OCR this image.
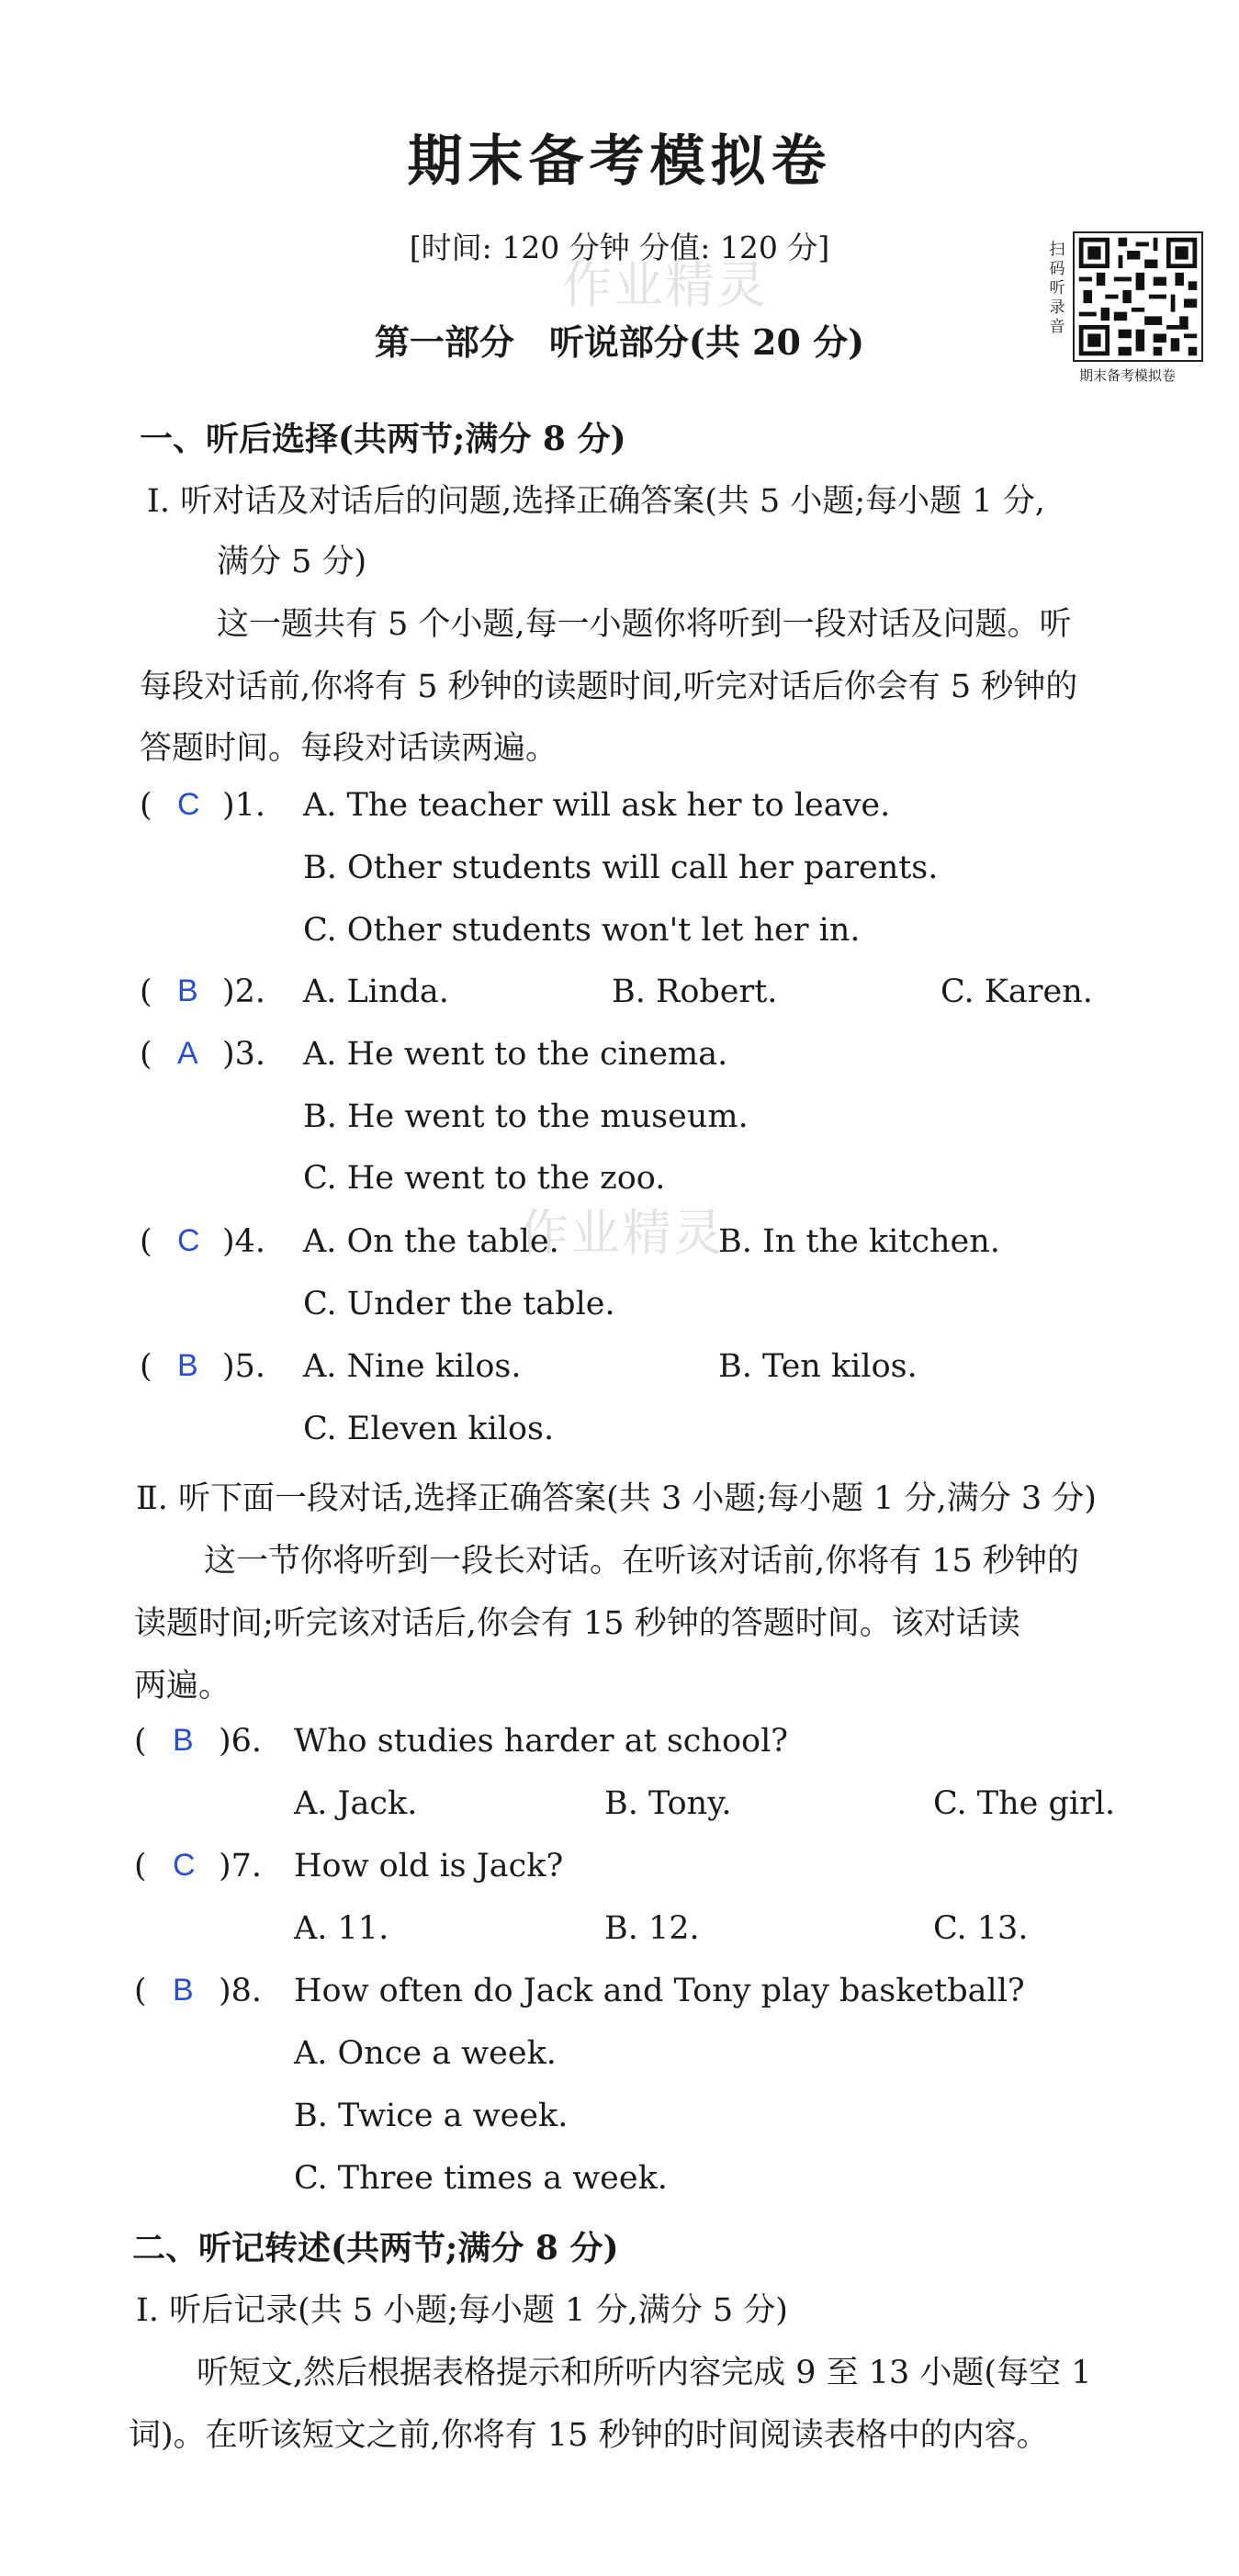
期末备考模拟卷
[时间: 120 分钟 分值: 120 分]
第一部分　听说部分(共 20 分)
作业精灵
作业精灵
扫码听录音
期末备考模拟卷
一、听后选择(共两节;满分 8 分)
Ⅰ. 听对话及对话后的问题,选择正确答案(共 5 小题;每小题 1 分,
满分 5 分)
这一题共有 5 个小题,每一小题你将听到一段对话及问题。听
每段对话前,你将有 5 秒钟的读题时间,听完对话后你会有 5 秒钟的
答题时间。每段对话读两遍。
( C )1. A. The teacher will ask her to leave.
B. Other students will call her parents.
C. Other students won't let her in.
( B )2. A. Linda.	B. Robert.	C. Karen.
( A )3. A. He went to the cinema.
B. He went to the museum.
C. He went to the zoo.
( C )4. A. On the table.	B. In the kitchen.
C. Under the table.
( B )5. A. Nine kilos.	B. Ten kilos.
C. Eleven kilos.
Ⅱ. 听下面一段对话,选择正确答案(共 3 小题;每小题 1 分,满分 3 分)
这一节你将听到一段长对话。在听该对话前,你将有 15 秒钟的
读题时间;听完该对话后,你会有 15 秒钟的答题时间。该对话读
两遍。
( B )6. Who studies harder at school?
A. Jack.	B. Tony.	C. The girl.
( C )7. How old is Jack?
A. 11.	B. 12.	C. 13.
( B )8. How often do Jack and Tony play basketball?
A. Once a week.
B. Twice a week.
C. Three times a week.
二、听记转述(共两节;满分 8 分)
Ⅰ. 听后记录(共 5 小题;每小题 1 分,满分 5 分)
听短文,然后根据表格提示和所听内容完成 9 至 13 小题(每空 1
词)。在听该短文之前,你将有 15 秒钟的时间阅读表格中的内容。
